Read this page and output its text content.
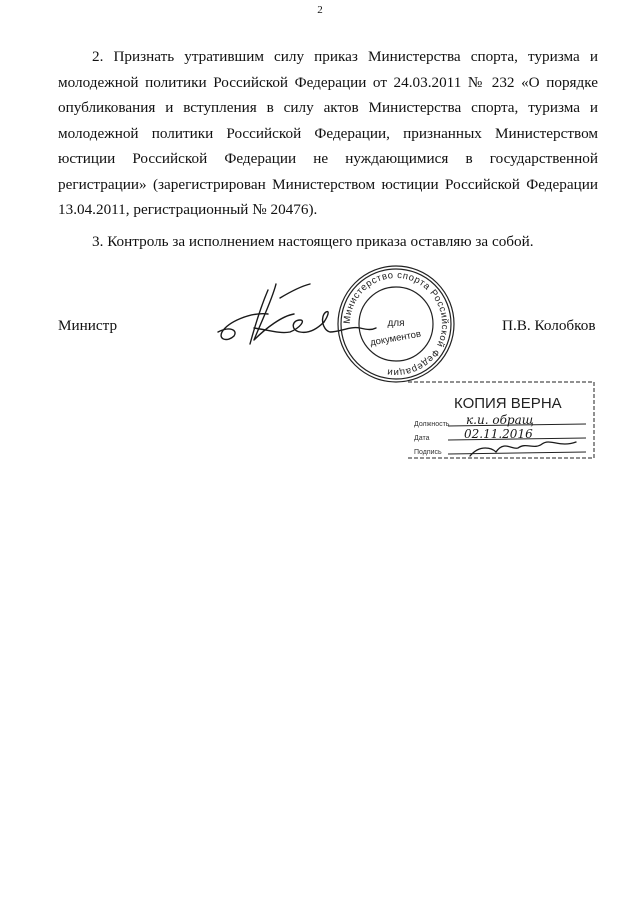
2
2. Признать утратившим силу приказ Министерства спорта, туризма и
молодежной политики Российской Федерации от 24.03.2011 № 232 «О порядке
опубликования и вступления в силу актов Министерства спорта, туризма и
молодежной политики Российской Федерации, признанных Министерством
юстиции Российской Федерации не нуждающимися в государственной
регистрации» (зарегистрирован Министерством юстиции Российской Федерации
13.04.2011, регистрационный № 20476).
3. Контроль за исполнением настоящего приказа оставляю за собой.
Министр	П.В. Колобков
Министерство спорта Российской Федерации
для
документов
КОПИЯ ВЕРНА
Должность
Дата
Подпись
к.и. обращ
02.11.2016
